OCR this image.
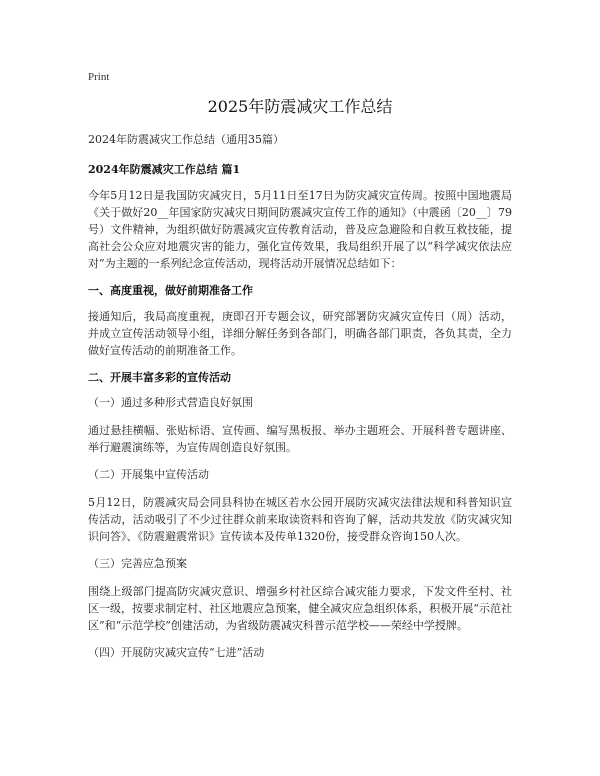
Print
2025年防震减灾工作总结

2024年防震减灾工作总结（通用35篇）

2024年防震减灾工作总结 篇1

今年5月12日是我国防灾减灾日，5月11日至17日为防灾减灾宣传周。按照中国地震局《关于做好20__年国家防灾减灾日期间防震减灾宣传工作的通知》（中震函〔20__〕79号）文件精神，为组织做好防震减灾宣传教育活动，普及应急避险和自救互救技能，提高社会公众应对地震灾害的能力，强化宣传效果，我局组织开展了以“科学减灾依法应对”为主题的一系列纪念宣传活动，现将活动开展情况总结如下：

一、高度重视，做好前期准备工作

接通知后，我局高度重视，庚即召开专题会议，研究部署防灾减灾宣传日（周）活动，并成立宣传活动领导小组，详细分解任务到各部门，明确各部门职责，各负其责，全力做好宣传活动的前期准备工作。

二、开展丰富多彩的宣传活动

（一）通过多种形式营造良好氛围

通过悬挂横幅、张贴标语、宣传画、编写黑板报、举办主题班会、开展科普专题讲座、举行避震演练等，为宣传周创造良好氛围。

（二）开展集中宣传活动

5月12日，防震减灾局会同县科协在城区若水公园开展防灾减灾法律法规和科普知识宣传活动，活动吸引了不少过往群众前来取读资料和咨询了解，活动共发放《防灾减灾知识问答》、《防震避震常识》宣传读本及传单1320份，接受群众咨询150人次。

（三）完善应急预案

围绕上级部门提高防灾减灾意识、增强乡村社区综合减灾能力要求，下发文件至村、社区一级，按要求制定村、社区地震应急预案，健全减灾应急组织体系，积极开展“示范社区”和“示范学校”创建活动，为省级防震减灾科普示范学校——荣经中学授牌。

（四）开展防灾减灾宣传“七进”活动
